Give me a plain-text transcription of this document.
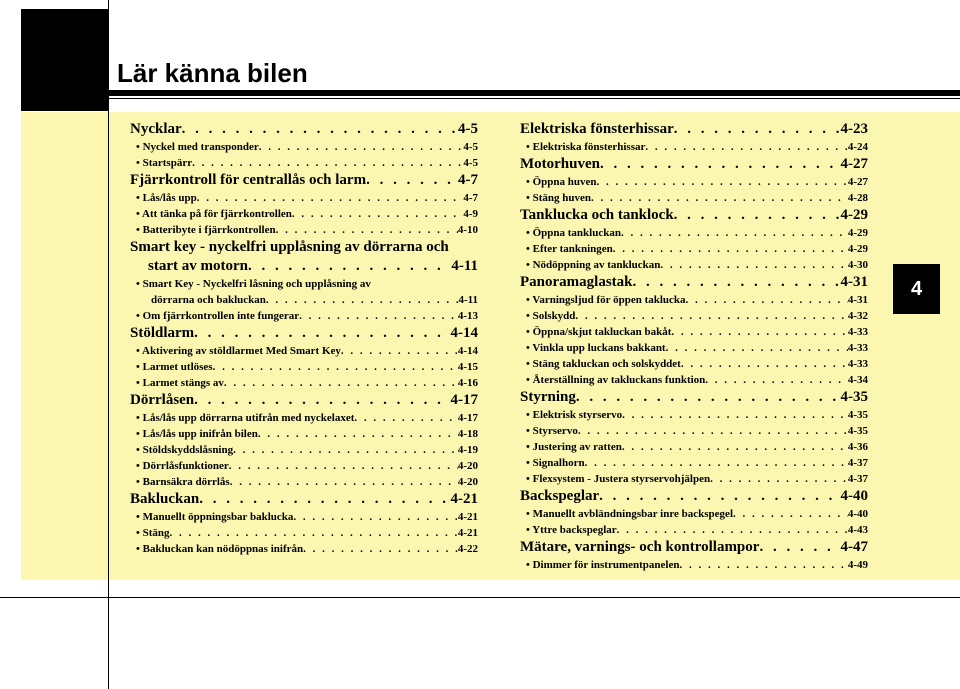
Lär känna bilen
4
Nycklar . . .	4-5
• Nyckel med transponder . . .	4-5
• Startspärr . . .	4-5
Fjärrkontroll för centrallås och larm . . .	4-7
• Lås/lås upp . . .	4-7
• Att tänka på för fjärrkontrollen . . .	4-9
• Batteribyte i fjärrkontrollen . . .	4-10
Smart key - nyckelfri upplåsning av dörrarna och
start av motorn . . .	4-11
• Smart Key - Nyckelfri låsning och upplåsning av
dörrarna och bakluckan . . .	4-11
• Om fjärrkontrollen inte fungerar . . .	4-13
Stöldlarm . . .	4-14
• Aktivering av stöldlarmet Med Smart Key . . .	4-14
• Larmet utlöses . . .	4-15
• Larmet stängs av . . .	4-16
Dörrlåsen . . .	4-17
• Lås/lås upp dörrarna utifrån med nyckelaxet . . .	4-17
• Lås/lås upp inifrån bilen . . .	4-18
• Stöldskyddslåsning . . .	4-19
• Dörrlåsfunktioner . . .	4-20
• Barnsäkra dörrlås . . .	4-20
Bakluckan . . .	4-21
• Manuellt öppningsbar baklucka . . .	4-21
• Stäng . . .	4-21
• Bakluckan kan nödöppnas inifrån . . .	4-22
Elektriska fönsterhissar . . .	4-23
• Elektriska fönsterhissar . . .	4-24
Motorhuven . . .	4-27
• Öppna huven . . .	4-27
• Stäng huven . . .	4-28
Tanklucka och tanklock . . .	4-29
• Öppna tankluckan . . .	4-29
• Efter tankningen . . .	4-29
• Nödöppning av tankluckan . . .	4-30
Panoramaglastak . . .	4-31
• Varningsljud för öppen taklucka . . .	4-31
• Solskydd . . .	4-32
• Öppna/skjut takluckan bakåt . . .	4-33
• Vinkla upp luckans bakkant . . .	4-33
• Stäng takluckan och solskyddet . . .	4-33
• Återställning av takluckans funktion . . .	4-34
Styrning . . .	4-35
• Elektrisk styrservo . . .	4-35
• Styrservo . . .	4-35
• Justering av ratten . . .	4-36
• Signalhorn . . .	4-37
• Flexsystem - Justera styrservohjälpen . . .	4-37
Backspeglar . . .	4-40
• Manuellt avbländningsbar inre backspegel . . .	4-40
• Yttre backspeglar . . .	4-43
Mätare, varnings- och kontrollampor . . .	4-47
• Dimmer för instrumentpanelen . . .	4-49
